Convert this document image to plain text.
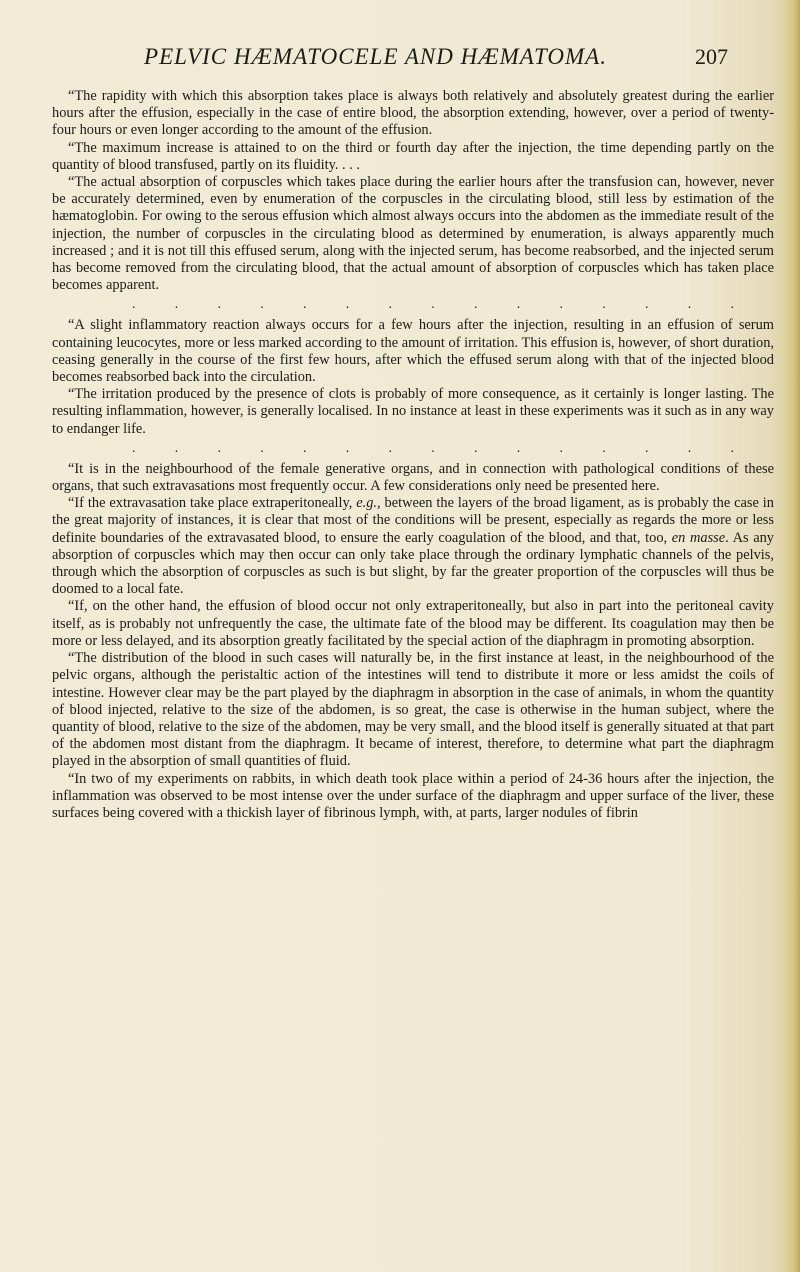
PELVIC HÆMATOCELE AND HÆMATOMA.	207

“The rapidity with which this absorption takes place is always both relatively and absolutely greatest during the earlier hours after the effusion, especially in the case of entire blood, the absorption extending, however, over a period of twenty-four hours or even longer according to the amount of the effusion.

“The maximum increase is attained to on the third or fourth day after the injection, the time depending partly on the quantity of blood transfused, partly on its fluidity. . . .

“The actual absorption of corpuscles which takes place during the earlier hours after the transfusion can, however, never be accurately determined, even by enumeration of the corpuscles in the circulating blood, still less by estimation of the hæmatoglobin. For owing to the serous effusion which almost always occurs into the abdomen as the immediate result of the injection, the number of corpuscles in the circulating blood as determined by enumeration, is always apparently much increased ; and it is not till this effused serum, along with the injected serum, has become reabsorbed, and the injected serum has become removed from the circulating blood, that the actual amount of absorption of corpuscles which has taken place becomes apparent.

.	.	.	.	.	.	.	.	.	.	.	.	.	.	.

“A slight inflammatory reaction always occurs for a few hours after the injection, resulting in an effusion of serum containing leucocytes, more or less marked according to the amount of irritation. This effusion is, however, of short duration, ceasing generally in the course of the first few hours, after which the effused serum along with that of the injected blood becomes reabsorbed back into the circulation.

“The irritation produced by the presence of clots is probably of more consequence, as it certainly is longer lasting. The resulting inflammation, however, is generally localised. In no instance at least in these experiments was it such as in any way to endanger life.

.	.	.	.	.	.	.	.	.	.	.	.	.	.	.

“It is in the neighbourhood of the female generative organs, and in connection with pathological conditions of these organs, that such extravasations most frequently occur. A few considerations only need be presented here.

“If the extravasation take place extraperitoneally, e.g., between the layers of the broad ligament, as is probably the case in the great majority of instances, it is clear that most of the conditions will be present, especially as regards the more or less definite boundaries of the extravasated blood, to ensure the early coagulation of the blood, and that, too, en masse. As any absorption of corpuscles which may then occur can only take place through the ordinary lymphatic channels of the pelvis, through which the absorption of corpuscles as such is but slight, by far the greater proportion of the corpuscles will thus be doomed to a local fate.

“If, on the other hand, the effusion of blood occur not only extraperitoneally, but also in part into the peritoneal cavity itself, as is probably not unfrequently the case, the ultimate fate of the blood may be different. Its coagulation may then be more or less delayed, and its absorption greatly facilitated by the special action of the diaphragm in promoting absorption.

“The distribution of the blood in such cases will naturally be, in the first instance at least, in the neighbourhood of the pelvic organs, although the peristaltic action of the intestines will tend to distribute it more or less amidst the coils of intestine. However clear may be the part played by the diaphragm in absorption in the case of animals, in whom the quantity of blood injected, relative to the size of the abdomen, is so great, the case is otherwise in the human subject, where the quantity of blood, relative to the size of the abdomen, may be very small, and the blood itself is generally situated at that part of the abdomen most distant from the diaphragm. It became of interest, therefore, to determine what part the diaphragm played in the absorption of small quantities of fluid.

“In two of my experiments on rabbits, in which death took place within a period of 24-36 hours after the injection, the inflammation was observed to be most intense over the under surface of the diaphragm and upper surface of the liver, these surfaces being covered with a thickish layer of fibrinous lymph, with, at parts, larger nodules of fibrin
